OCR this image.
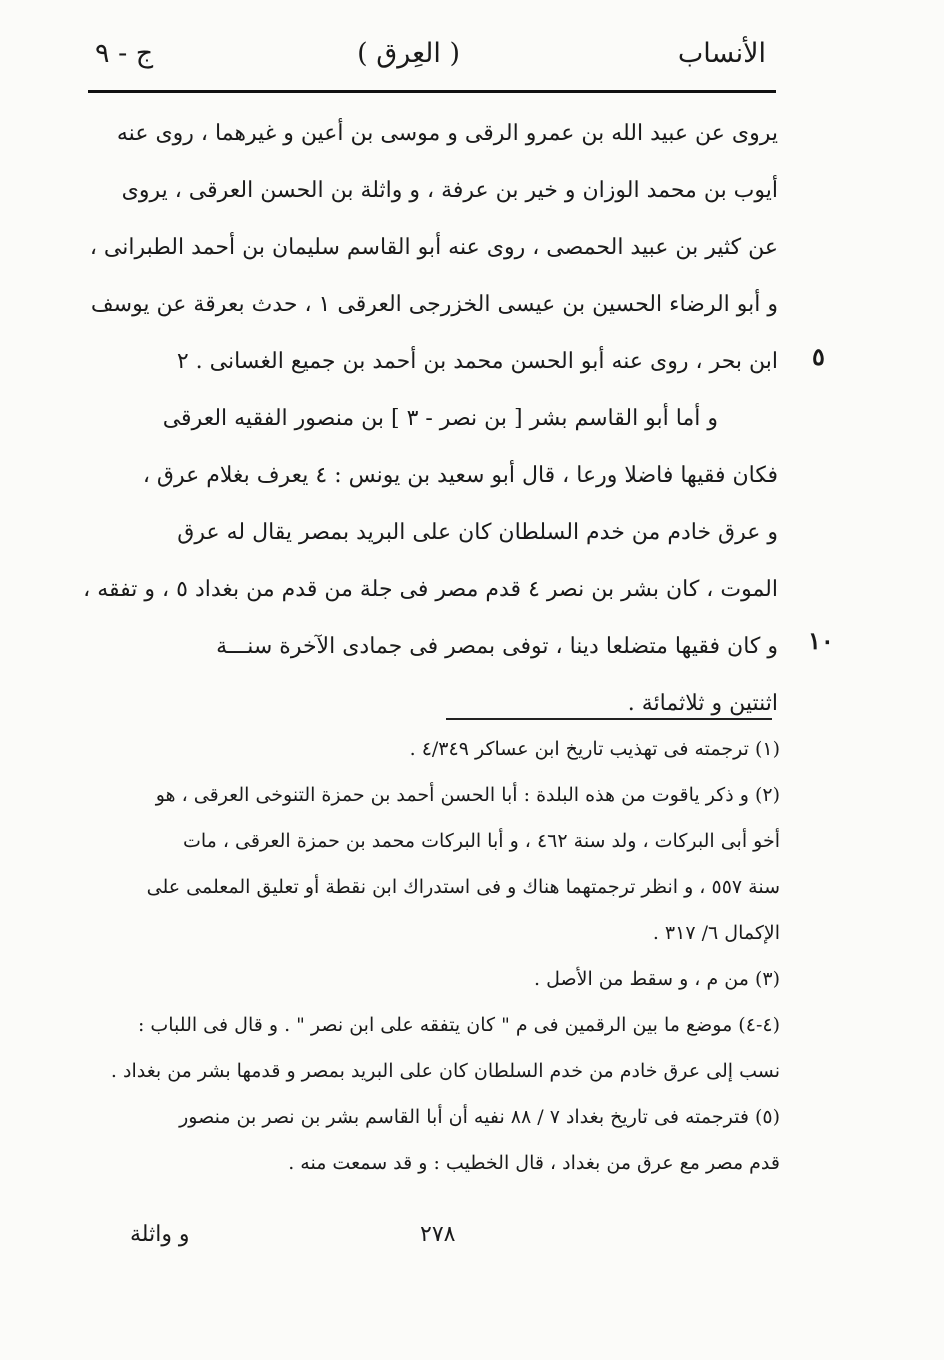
الأنساب
( العِرق )
ج - ٩
يروى عن عبيد الله بن عمرو الرقى و موسى بن أعين و غيرهما ، روى عنه
أيوب بن محمد الوزان و خير بن عرفة ، و واثلة بن الحسن العرقى ، يروى
عن كثير بن عبيد الحمصى ، روى عنه أبو القاسم سليمان بن أحمد الطبرانى ،
و أبو الرضاء الحسين بن عيسى الخزرجى العرقى ١ ، حدث بعرقة عن يوسف
ابن بحر ، روى عنه أبو الحسن محمد بن أحمد بن جميع الغسانى . ٢
و أما أبو القاسم بشر [ بن نصر - ٣ ] بن منصور الفقيه العرقى
فكان فقيها فاضلا ورعا ، قال أبو سعيد بن يونس : ٤ يعرف بغلام عرق ،
و عرق خادم من خدم السلطان كان على البريد بمصر يقال له عرق
الموت ، كان بشر بن نصر ٤ قدم مصر فى جلة من قدم من بغداد ٥ ، و تفقه ،
و كان فقيها متضلعا دينا ، توفى بمصر فى جمادى الآخرة سنـــة
اثنتين و ثلاثمائة .
٥
١٠
(١) ترجمته فى تهذيب تاريخ ابن عساكر ٤/٣٤٩ .
(٢) و ذكر ياقوت من هذه البلدة : أبا الحسن أحمد بن حمزة التنوخى العرقى ، هو
أخو أبى البركات ، ولد سنة ٤٦٢ ، و أبا البركات محمد بن حمزة العرقى ، مات
سنة ٥٥٧ ، و انظر ترجمتهما هناك و فى استدراك ابن نقطة أو تعليق المعلمى على
الإكمال ٦/ ٣١٧ .
(٣) من م ، و سقط من الأصل .
(٤-٤) موضع ما بين الرقمين فى م " كان يتفقه على ابن نصر " . و قال فى اللباب :
نسب إلى عرق خادم من خدم السلطان كان على البريد بمصر و قدمها بشر من بغداد .
(٥) فترجمته فى تاريخ بغداد ٧ / ٨٨ نفيه أن أبا القاسم بشر بن نصر بن منصور
قدم مصر مع عرق من بغداد ، قال الخطيب : و قد سمعت منه .
و واثلة	٢٧٨
